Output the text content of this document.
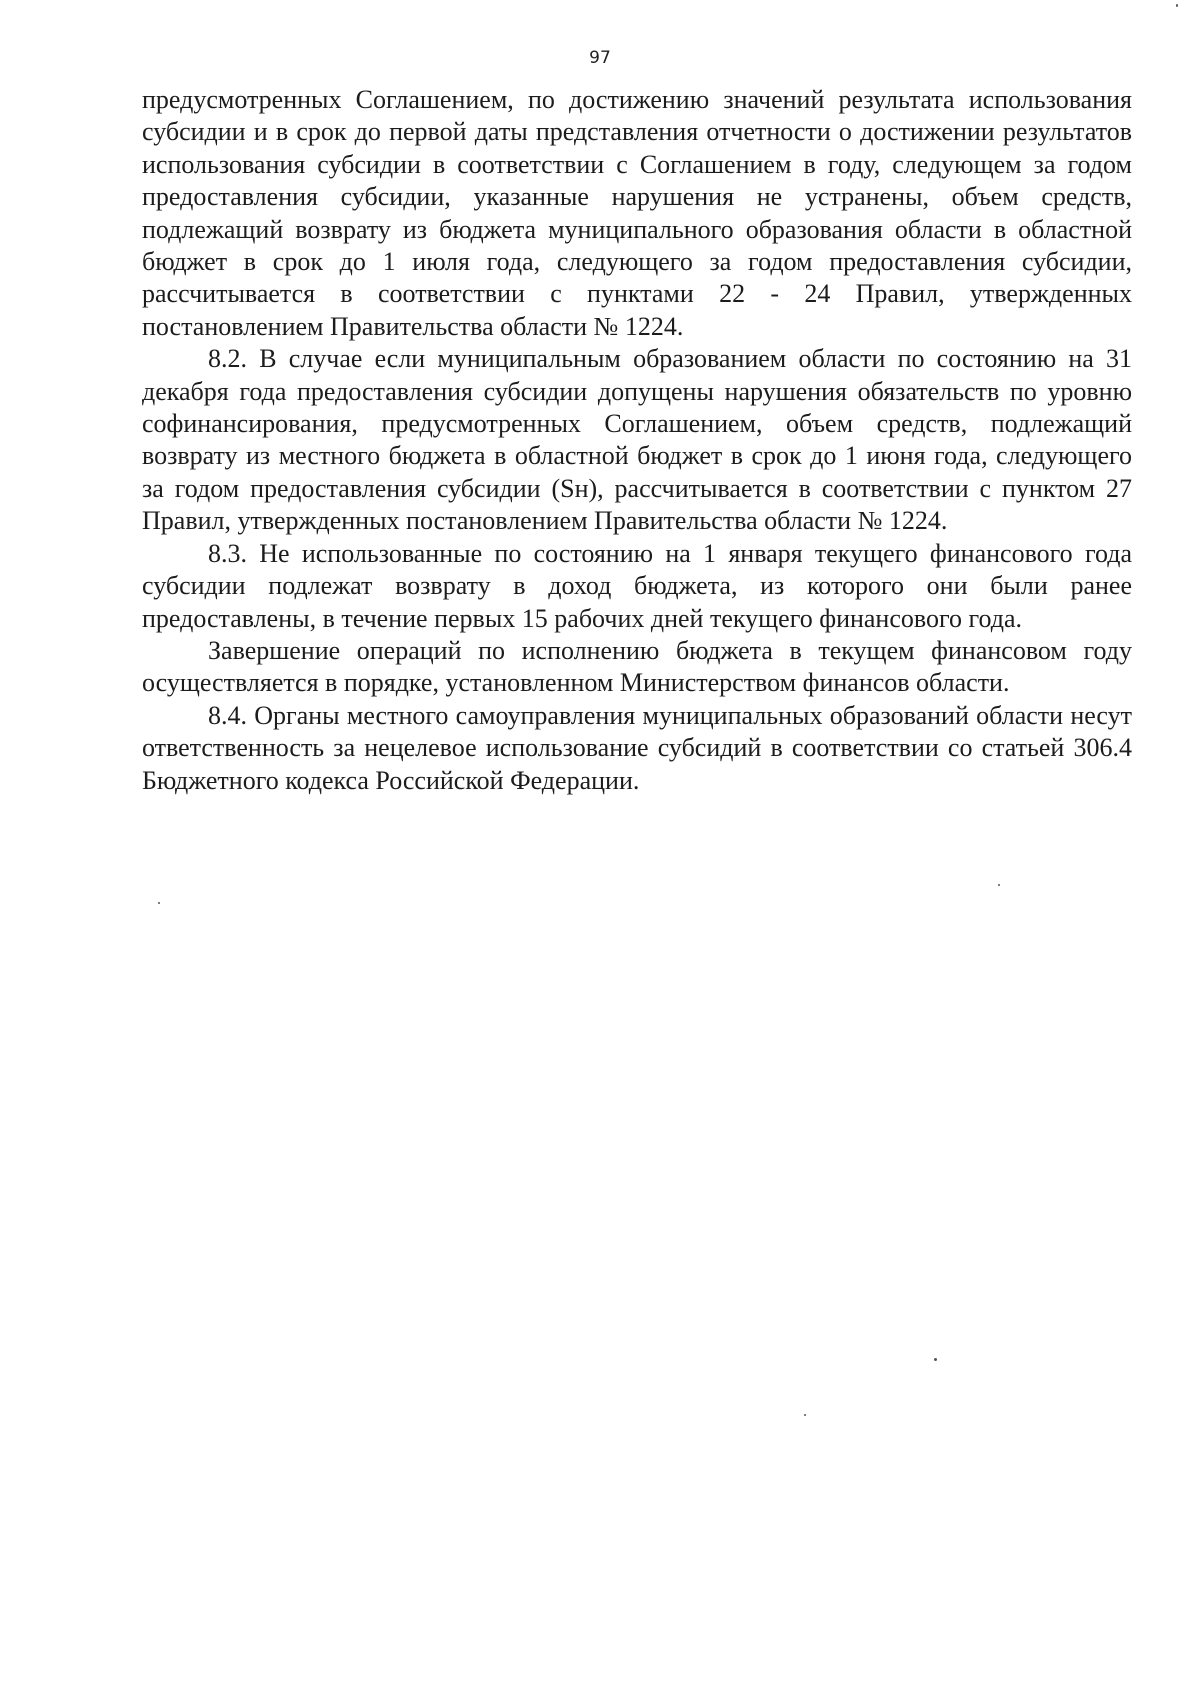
97

предусмотренных Соглашением, по достижению значений результата использования субсидии и в срок до первой даты представления отчетности о достижении результатов использования субсидии в соответствии с Соглашением в году, следующем за годом предоставления субсидии, указанные нарушения не устранены, объем средств, подлежащий возврату из бюджета муниципального образования области в областной бюджет в срок до 1 июля года, следующего за годом предоставления субсидии, рассчитывается в соответствии с пунктами 22 - 24 Правил, утвержденных постановлением Правительства области № 1224.

8.2. В случае если муниципальным образованием области по состоянию на 31 декабря года предоставления субсидии допущены нарушения обязательств по уровню софинансирования, предусмотренных Соглашением, объем средств, подлежащий возврату из местного бюджета в областной бюджет в срок до 1 июня года, следующего за годом предоставления субсидии (Sн), рассчитывается в соответствии с пунктом 27 Правил, утвержденных постановлением Правительства области № 1224.

8.3. Не использованные по состоянию на 1 января текущего финансового года субсидии подлежат возврату в доход бюджета, из которого они были ранее предоставлены, в течение первых 15 рабочих дней текущего финансового года.

Завершение операций по исполнению бюджета в текущем финансовом году осуществляется в порядке, установленном Министерством финансов области.

8.4. Органы местного самоуправления муниципальных образований области несут ответственность за нецелевое использование субсидий в соответствии со статьей 306.4 Бюджетного кодекса Российской Федерации.
